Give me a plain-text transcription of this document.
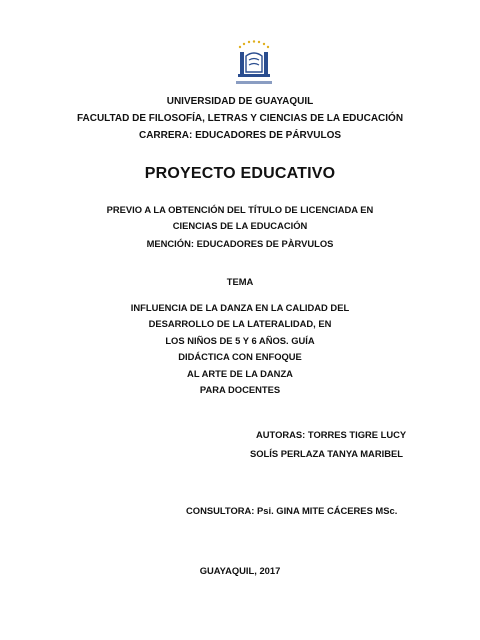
UNIVERSIDAD DE GUAYAQUIL
FACULTAD DE FILOSOFÍA, LETRAS Y CIENCIAS DE LA EDUCACIÓN
CARRERA: EDUCADORES DE PÁRVULOS
PROYECTO EDUCATIVO
PREVIO A LA OBTENCIÓN DEL TÍTULO DE LICENCIADA EN
CIENCIAS DE LA EDUCACIÓN
MENCIÓN: EDUCADORES DE PÀRVULOS
TEMA
INFLUENCIA DE LA DANZA EN LA CALIDAD DEL
DESARROLLO DE LA LATERALIDAD, EN
LOS NIÑOS DE 5 Y 6 AÑOS. GUÍA
DIDÁCTICA CON ENFOQUE
AL ARTE DE LA DANZA
PARA DOCENTES
AUTORAS: TORRES TIGRE LUCY
SOLÍS PERLAZA TANYA MARIBEL
CONSULTORA: Psi. GINA MITE CÁCERES MSc.
GUAYAQUIL, 2017
